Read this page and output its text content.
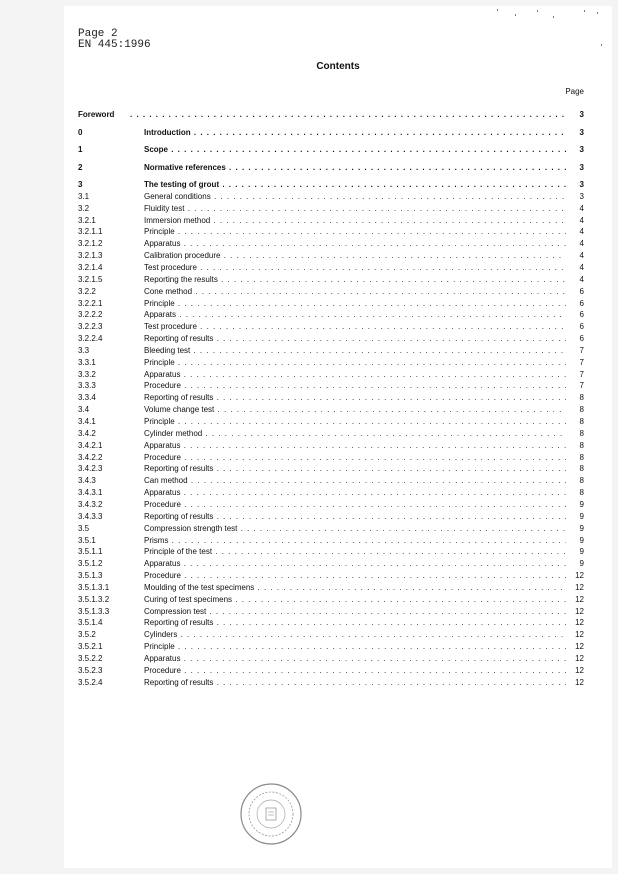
Page 2
EN 445:1996
Contents
Page
Foreword . . .	3
0	Introduction . . .	3
1	Scope . . .	3
2	Normative references . . .	3
3	The testing of grout . . .	3
3.1	General conditions . . .	3
3.2	Fluidity test . . .	4
3.2.1	Immersion method . . .	4
3.2.1.1	Principle . . .	4
3.2.1.2	Apparatus . . .	4
3.2.1.3	Calibration procedure . . .	4
3.2.1.4	Test procedure . . .	4
3.2.1.5	Reporting the results . . .	4
3.2.2	Cone method . . .	6
3.2.2.1	Principle . . .	6
3.2.2.2	Apparats . . .	6
3.2.2.3	Test procedure . . .	6
3.2.2.4	Reporting of results . . .	6
3.3	Bleeding test . . .	7
3.3.1	Principle . . .	7
3.3.2	Apparatus . . .	7
3.3.3	Procedure . . .	7
3.3.4	Reporting of results . . .	8
3.4	Volume change test . . .	8
3.4.1	Principle . . .	8
3.4.2	Cylinder method . . .	8
3.4.2.1	Apparatus . . .	8
3.4.2.2	Procedure . . .	8
3.4.2.3	Reporting of results . . .	8
3.4.3	Can method . . .	8
3.4.3.1	Apparatus . . .	8
3.4.3.2	Procedure . . .	9
3.4.3.3	Reporting of results . . .	9
3.5	Compression strength test . . .	9
3.5.1	Prisms . . .	9
3.5.1.1	Principle of the test . . .	9
3.5.1.2	Apparatus . . .	9
3.5.1.3	Procedure . . .	12
3.5.1.3.1	Moulding of the test specimens . . .	12
3.5.1.3.2	Curing of test specimens . . .	12
3.5.1.3.3	Compression test . . .	12
3.5.1.4	Reporting of results . . .	12
3.5.2	Cylinders . . .	12
3.5.2.1	Principle . . .	12
3.5.2.2	Apparatus . . .	12
3.5.2.3	Procedure . . .	12
3.5.2.4	Reporting of results . . .	12
